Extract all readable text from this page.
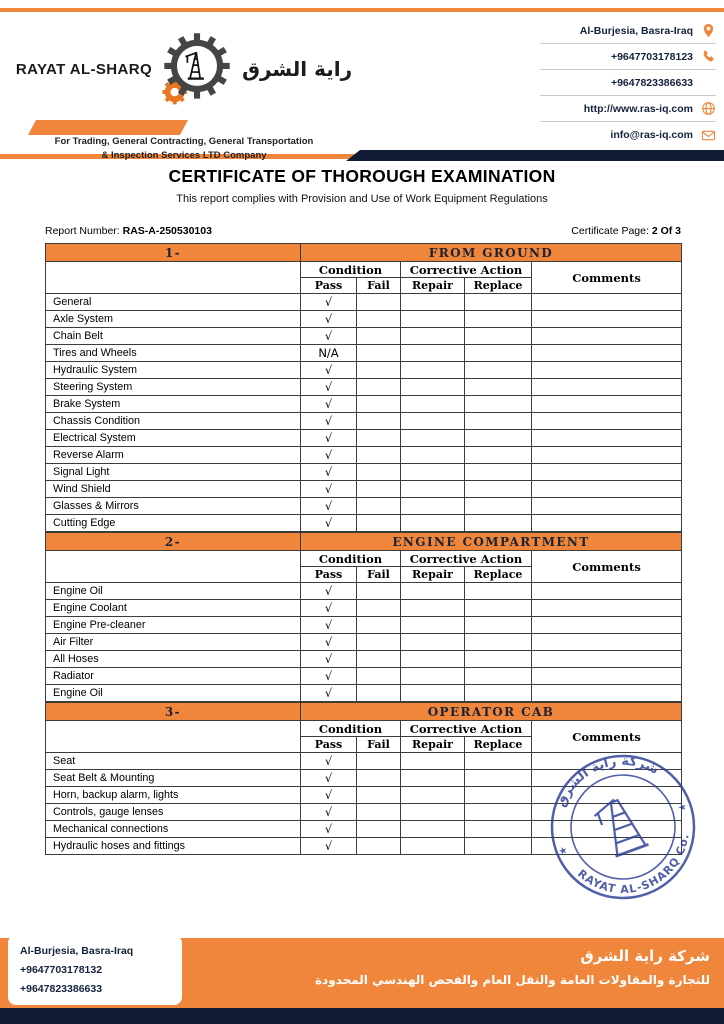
RAYAT AL-SHARQ	راية الشرق
For Trading, General Contracting, General Transportation
& Inspection Services LTD Company
Al-Burjesia, Basra-Iraq
+9647703178123
+9647823386633
http://www.ras-iq.com
info@ras-iq.com
CERTIFICATE OF THOROUGH EXAMINATION

This report complies with Provision and Use of Work Equipment Regulations

Report Number: RAS-A-250530103	Certificate Page: 2 Of 3
1-	FROM GROUND				
	Condition		Corrective Action		Comments
	Pass	Fail	Repair	Replace	
General	√				
Axle System	√				
Chain Belt	√				
Tires and Wheels	N/A				
Hydraulic System	√				
Steering System	√				
Brake System	√				
Chassis Condition	√				
Electrical System	√				
Reverse Alarm	√				
Signal Light	√				
Wind Shield	√				
Glasses & Mirrors	√				
Cutting Edge	√				
2-	ENGINE COMPARTMENT				
	Condition		Corrective Action		Comments
	Pass	Fail	Repair	Replace	
Engine Oil	√				
Engine Coolant	√				
Engine Pre-cleaner	√				
Air Filter	√				
All Hoses	√				
Radiator	√				
Engine Oil	√				
3-	OPERATOR CAB				
	Condition		Corrective Action		Comments
	Pass	Fail	Repair	Replace	
Seat	√				
Seat Belt & Mounting	√				
Horn, backup alarm, lights	√				
Controls, gauge lenses	√				
Mechanical connections	√				
Hydraulic hoses and fittings	√				
شركة راية الشرق
RAYAT AL-SHARQ Co.
★
★
Al-Burjesia, Basra-Iraq
+9647703178132
+9647823386633
شركة راية الشرق
للتجارة والمقاولات العامة والنقل العام والفحص الهندسي المحدودة
